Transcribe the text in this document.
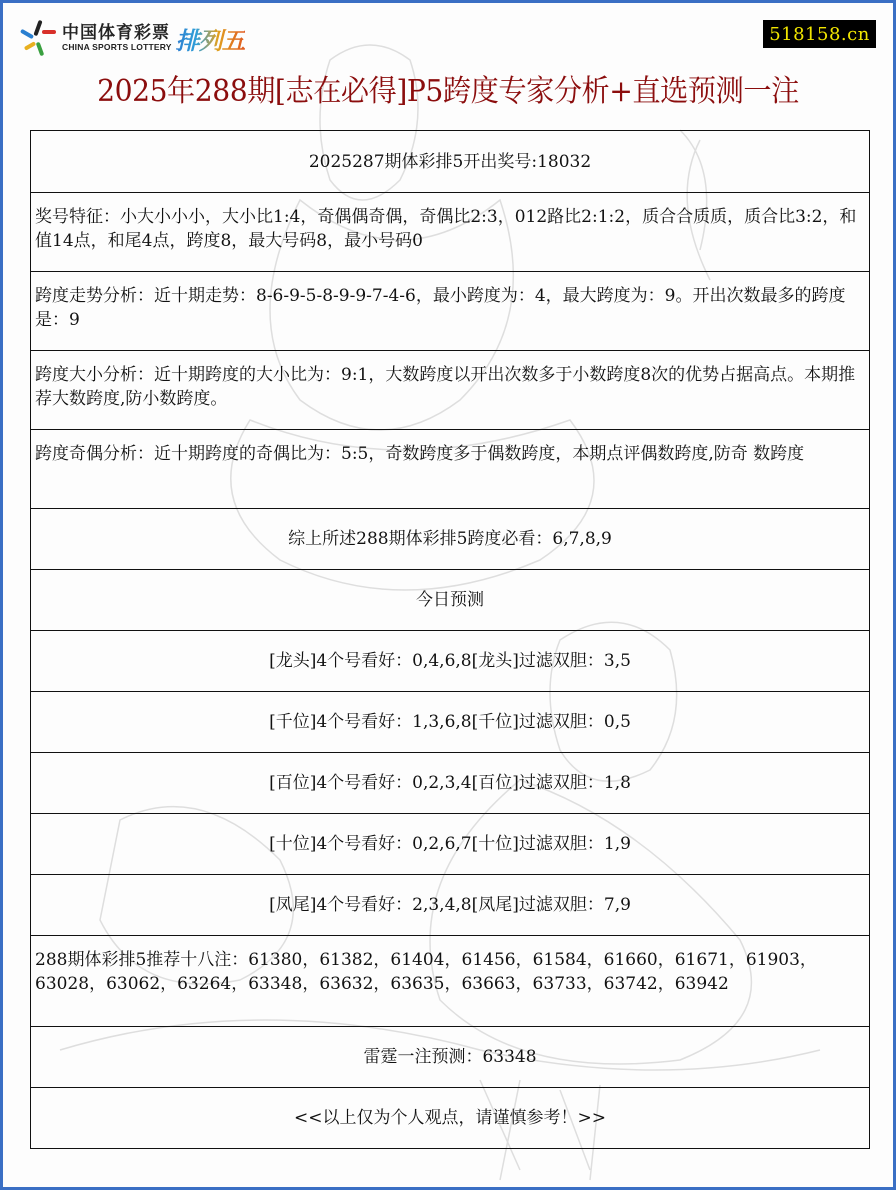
中国体育彩票
CHINA SPORTS LOTTERY 排列五	518158.cn
2025年288期[志在必得]P5跨度专家分析+直选预测一注
2025287期体彩排5开出奖号:18032
奖号特征：小大小小小，大小比1:4，奇偶偶奇偶，奇偶比2:3，012路比2:1:2，质合合质质，质合比3:2，和值14点，和尾4点，跨度8，最大号码8，最小号码0
跨度走势分析：近十期走势：8-6-9-5-8-9-9-7-4-6，最小跨度为：4，最大跨度为：9。开出次数最多的跨度是：9
跨度大小分析：近十期跨度的大小比为：9:1，大数跨度以开出次数多于小数跨度8次的优势占据高点。本期推荐大数跨度,防小数跨度。
跨度奇偶分析：近十期跨度的奇偶比为：5:5，奇数跨度多于偶数跨度，本期点评偶数跨度,防奇 数跨度
综上所述288期体彩排5跨度必看：6,7,8,9
今日预测
[龙头]4个号看好：0,4,6,8[龙头]过滤双胆：3,5
[千位]4个号看好：1,3,6,8[千位]过滤双胆：0,5
[百位]4个号看好：0,2,3,4[百位]过滤双胆：1,8
[十位]4个号看好：0,2,6,7[十位]过滤双胆：1,9
[凤尾]4个号看好：2,3,4,8[凤尾]过滤双胆：7,9
288期体彩排5推荐十八注：61380，61382，61404，61456，61584，61660，61671，61903，63028，63062，63264，63348，63632，63635，63663，63733，63742，63942
雷霆一注预测：63348
<<以上仅为个人观点，请谨慎参考！>>
